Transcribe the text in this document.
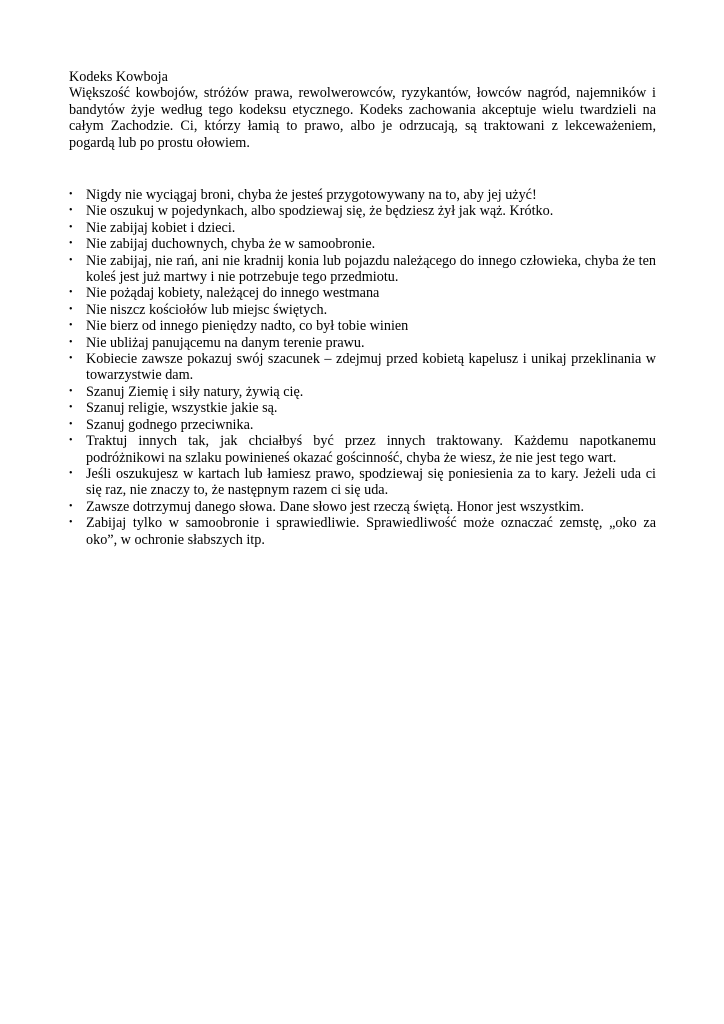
Kodeks Kowboja

Większość kowbojów, stróżów prawa, rewolwerowców, ryzykantów, łowców nagród, najemników i bandytów żyje według tego kodeksu etycznego. Kodeks zachowania akceptuje wielu twardzieli na całym Zachodzie. Ci, którzy łamią to prawo, albo je odrzucają, są traktowani z lekceważeniem, pogardą lub po prostu ołowiem.

• Nigdy nie wyciągaj broni, chyba że jesteś przygotowywany na to, aby jej użyć!
• Nie oszukuj w pojedynkach, albo spodziewaj się, że będziesz żył jak wąż. Krótko.
• Nie zabijaj kobiet i dzieci.
• Nie zabijaj duchownych, chyba że w samoobronie.
• Nie zabijaj, nie rań, ani nie kradnij konia lub pojazdu należącego do innego człowieka, chyba że ten koleś jest już martwy i nie potrzebuje tego przedmiotu.
• Nie pożądaj kobiety, należącej do innego westmana
• Nie niszcz kościołów lub miejsc świętych.
• Nie bierz od innego pieniędzy nadto, co był tobie winien
• Nie ubliżaj panującemu na danym terenie prawu.
• Kobiecie zawsze pokazuj swój szacunek – zdejmuj przed kobietą kapelusz i unikaj przeklinania w towarzystwie dam.
• Szanuj Ziemię i siły natury, żywią cię.
• Szanuj religie, wszystkie jakie są.
• Szanuj godnego przeciwnika.
• Traktuj innych tak, jak chciałbyś być przez innych traktowany. Każdemu napotkanemu podróżnikowi na szlaku powinieneś okazać gościnność, chyba że wiesz, że nie jest tego wart.
• Jeśli oszukujesz w kartach lub łamiesz prawo, spodziewaj się poniesienia za to kary. Jeżeli uda ci się raz, nie znaczy to, że następnym razem ci się uda.
• Zawsze dotrzymuj danego słowa. Dane słowo jest rzeczą świętą. Honor jest wszystkim.
• Zabijaj tylko w samoobronie i sprawiedliwie. Sprawiedliwość może oznaczać zemstę, „oko za oko”, w ochronie słabszych itp.
